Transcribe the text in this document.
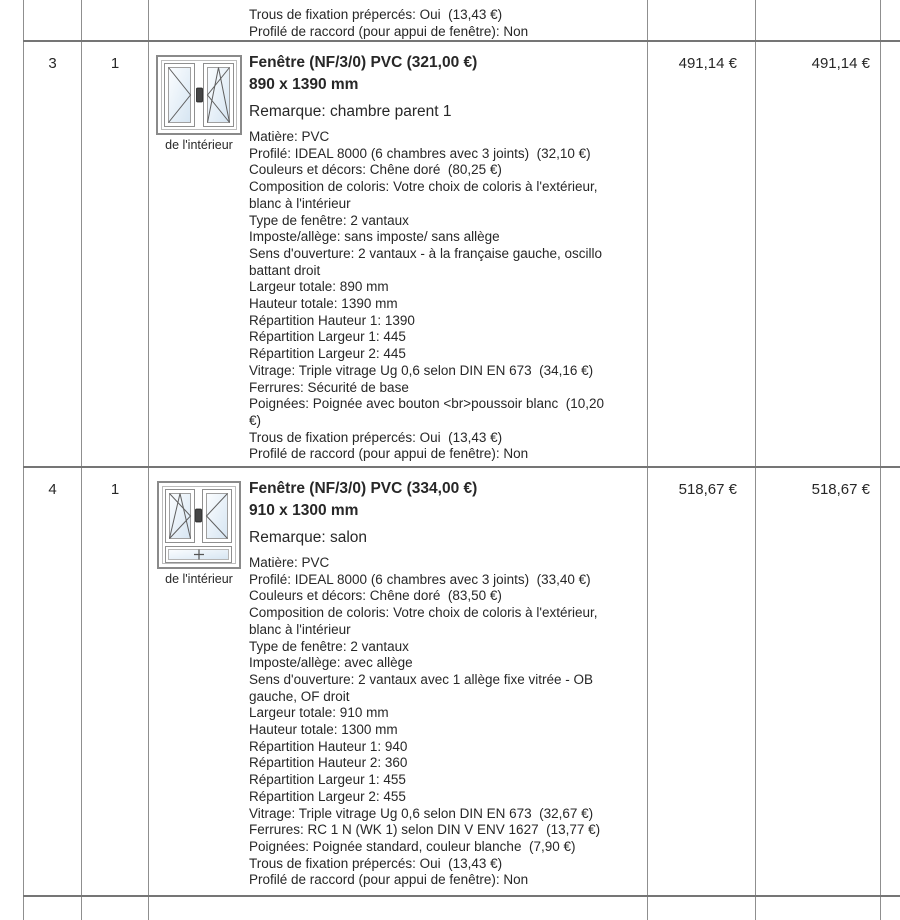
Trous de fixation prépercés: Oui  (13,43 €)
Profilé de raccord (pour appui de fenêtre): Non
3	1
de l'intérieur
Fenêtre (NF/3/0) PVC (321,00 €)
890 x 1390 mm
Remarque: chambre parent 1
Matière: PVC
Profilé: IDEAL 8000 (6 chambres avec 3 joints)  (32,10 €)
Couleurs et décors: Chêne doré  (80,25 €)
Composition de coloris: Votre choix de coloris à l'extérieur,
blanc à l'intérieur
Type de fenêtre: 2 vantaux
Imposte/allège: sans imposte/ sans allège
Sens d'ouverture: 2 vantaux - à la française gauche, oscillo
battant droit
Largeur totale: 890 mm
Hauteur totale: 1390 mm
Répartition Hauteur 1: 1390
Répartition Largeur 1: 445
Répartition Largeur 2: 445
Vitrage: Triple vitrage Ug 0,6 selon DIN EN 673  (34,16 €)
Ferrures: Sécurité de base
Poignées: Poignée avec bouton <br>poussoir blanc  (10,20
€)
Trous de fixation prépercés: Oui  (13,43 €)
Profilé de raccord (pour appui de fenêtre): Non
491,14 €	491,14 €
4	1
de l'intérieur
Fenêtre (NF/3/0) PVC (334,00 €)
910 x 1300 mm
Remarque: salon
Matière: PVC
Profilé: IDEAL 8000 (6 chambres avec 3 joints)  (33,40 €)
Couleurs et décors: Chêne doré  (83,50 €)
Composition de coloris: Votre choix de coloris à l'extérieur,
blanc à l'intérieur
Type de fenêtre: 2 vantaux
Imposte/allège: avec allège
Sens d'ouverture: 2 vantaux avec 1 allège fixe vitrée - OB
gauche, OF droit
Largeur totale: 910 mm
Hauteur totale: 1300 mm
Répartition Hauteur 1: 940
Répartition Hauteur 2: 360
Répartition Largeur 1: 455
Répartition Largeur 2: 455
Vitrage: Triple vitrage Ug 0,6 selon DIN EN 673  (32,67 €)
Ferrures: RC 1 N (WK 1) selon DIN V ENV 1627  (13,77 €)
Poignées: Poignée standard, couleur blanche  (7,90 €)
Trous de fixation prépercés: Oui  (13,43 €)
Profilé de raccord (pour appui de fenêtre): Non
518,67 €	518,67 €
